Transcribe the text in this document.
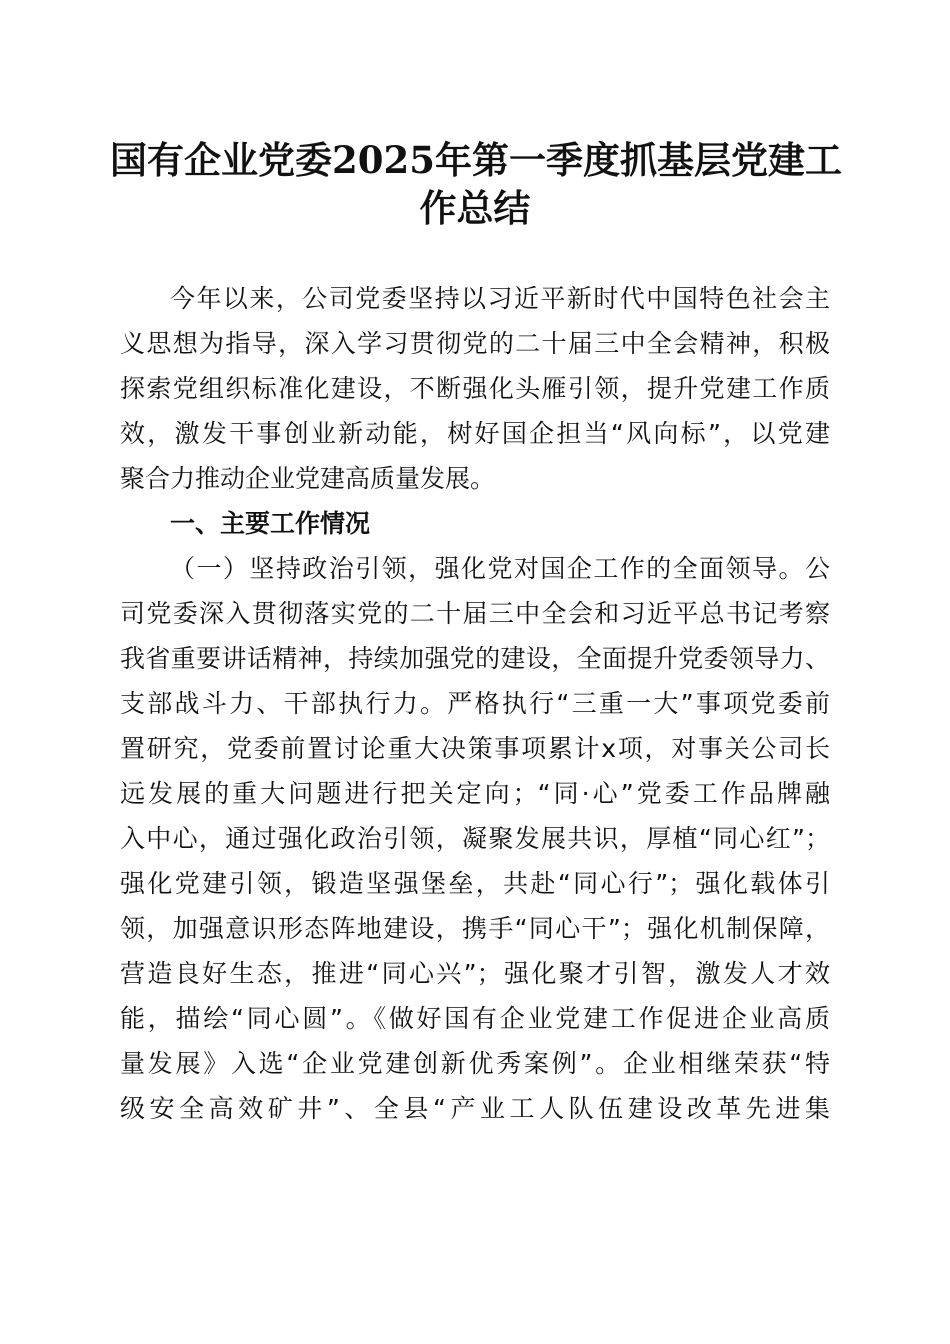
国有企业党委2025年第一季度抓基层党建工
作总结
今年以来，公司党委坚持以习近平新时代中国特色社会主
义思想为指导，深入学习贯彻党的二十届三中全会精神，积极
探索党组织标准化建设，不断强化头雁引领，提升党建工作质
效，激发干事创业新动能，树好国企担当“风向标”，以党建
聚合力推动企业党建高质量发展。
一、主要工作情况
（一）坚持政治引领，强化党对国企工作的全面领导。公
司党委深入贯彻落实党的二十届三中全会和习近平总书记考察
我省重要讲话精神，持续加强党的建设，全面提升党委领导力、
支部战斗力、干部执行力。严格执行“三重一大”事项党委前
置研究，党委前置讨论重大决策事项累计x项，对事关公司长
远发展的重大问题进行把关定向；“同·心”党委工作品牌融
入中心，通过强化政治引领，凝聚发展共识，厚植“同心红”；
强化党建引领，锻造坚强堡垒，共赴“同心行”；强化载体引
领，加强意识形态阵地建设，携手“同心干”；强化机制保障，
营造良好生态，推进“同心兴”；强化聚才引智，激发人才效
能，描绘“同心圆”。《做好国有企业党建工作促进企业高质
量发展》入选“企业党建创新优秀案例”。企业相继荣获“特
级安全高效矿井”、全县“产业工人队伍建设改革先进集
